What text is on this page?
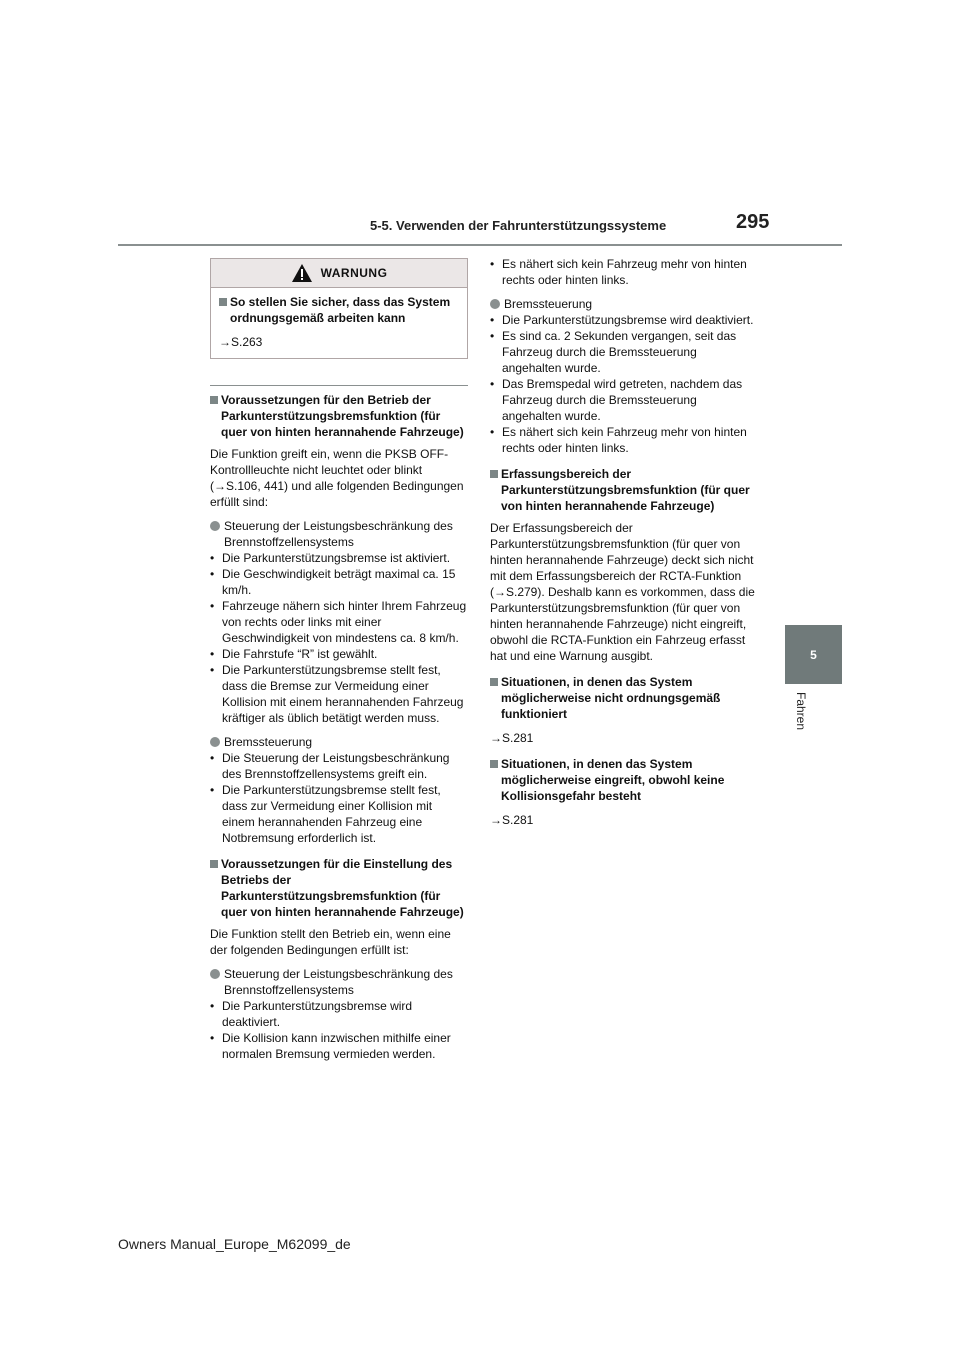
5-5. Verwenden der Fahrunterstützungssysteme	295
5
Fahren
WARNUNG
So stellen Sie sicher, dass das System ordnungsgemäß arbeiten kann
→S.263
Voraussetzungen für den Betrieb der Parkunterstützungsbremsfunktion (für quer von hinten herannahende Fahrzeuge)
Die Funktion greift ein, wenn die PKSB OFF-Kontrollleuchte nicht leuchtet oder blinkt (→S.106, 441) und alle folgenden Bedingungen erfüllt sind:
Steuerung der Leistungsbeschränkung des Brennstoffzellensystems
• Die Parkunterstützungsbremse ist aktiviert.
• Die Geschwindigkeit beträgt maximal ca. 15 km/h.
• Fahrzeuge nähern sich hinter Ihrem Fahrzeug von rechts oder links mit einer Geschwindigkeit von mindestens ca. 8 km/h.
• Die Fahrstufe “R” ist gewählt.
• Die Parkunterstützungsbremse stellt fest, dass die Bremse zur Vermeidung einer Kollision mit einem herannahenden Fahrzeug kräftiger als üblich betätigt werden muss.
Bremssteuerung
• Die Steuerung der Leistungsbeschränkung des Brennstoffzellensystems greift ein.
• Die Parkunterstützungsbremse stellt fest, dass zur Vermeidung einer Kollision mit einem herannahenden Fahrzeug eine Notbremsung erforderlich ist.
Voraussetzungen für die Einstellung des Betriebs der Parkunterstützungsbremsfunktion (für quer von hinten herannahende Fahrzeuge)
Die Funktion stellt den Betrieb ein, wenn eine der folgenden Bedingungen erfüllt ist:
Steuerung der Leistungsbeschränkung des Brennstoffzellensystems
• Die Parkunterstützungsbremse wird deaktiviert.
• Die Kollision kann inzwischen mithilfe einer normalen Bremsung vermieden werden.
• Es nähert sich kein Fahrzeug mehr von hinten rechts oder hinten links.
Bremssteuerung
• Die Parkunterstützungsbremse wird deaktiviert.
• Es sind ca. 2 Sekunden vergangen, seit das Fahrzeug durch die Bremssteuerung angehalten wurde.
• Das Bremspedal wird getreten, nachdem das Fahrzeug durch die Bremssteuerung angehalten wurde.
• Es nähert sich kein Fahrzeug mehr von hinten rechts oder hinten links.
Erfassungsbereich der Parkunterstützungsbremsfunktion (für quer von hinten herannahende Fahrzeuge)
Der Erfassungsbereich der Parkunterstützungsbremsfunktion (für quer von hinten herannahende Fahrzeuge) deckt sich nicht mit dem Erfassungsbereich der RCTA-Funktion (→S.279). Deshalb kann es vorkommen, dass die Parkunterstützungsbremsfunktion (für quer von hinten herannahende Fahrzeuge) nicht eingreift, obwohl die RCTA-Funktion ein Fahrzeug erfasst hat und eine Warnung ausgibt.
Situationen, in denen das System möglicherweise nicht ordnungsgemäß funktioniert
→S.281
Situationen, in denen das System möglicherweise eingreift, obwohl keine Kollisionsgefahr besteht
→S.281
Owners Manual_Europe_M62099_de
